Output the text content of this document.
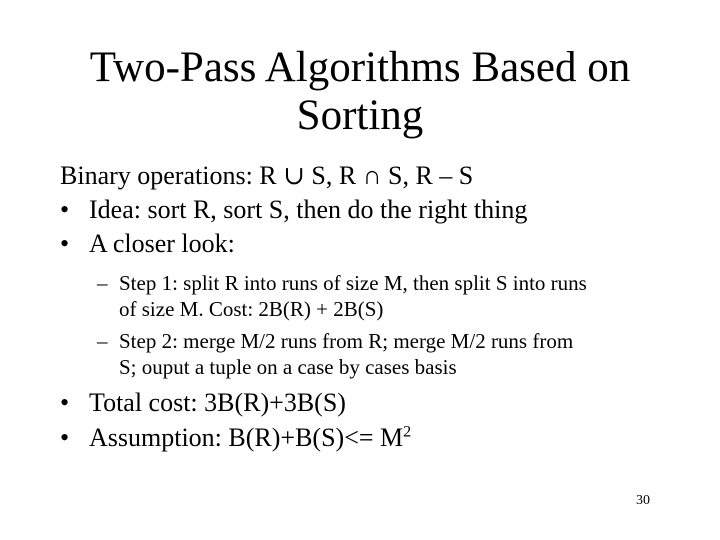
Two-Pass Algorithms Based on
Sorting
Binary operations: R ∪ S, R ∩ S, R – S
• Idea: sort R, sort S, then do the right thing
• A closer look:
– Step 1: split R into runs of size M, then split S into runs
of size M. Cost: 2B(R) + 2B(S)
– Step 2: merge M/2 runs from R; merge M/2 runs from
S; ouput a tuple on a case by cases basis
• Total cost: 3B(R)+3B(S)
• Assumption: $B(R)+B(S)<= M^2$
30
